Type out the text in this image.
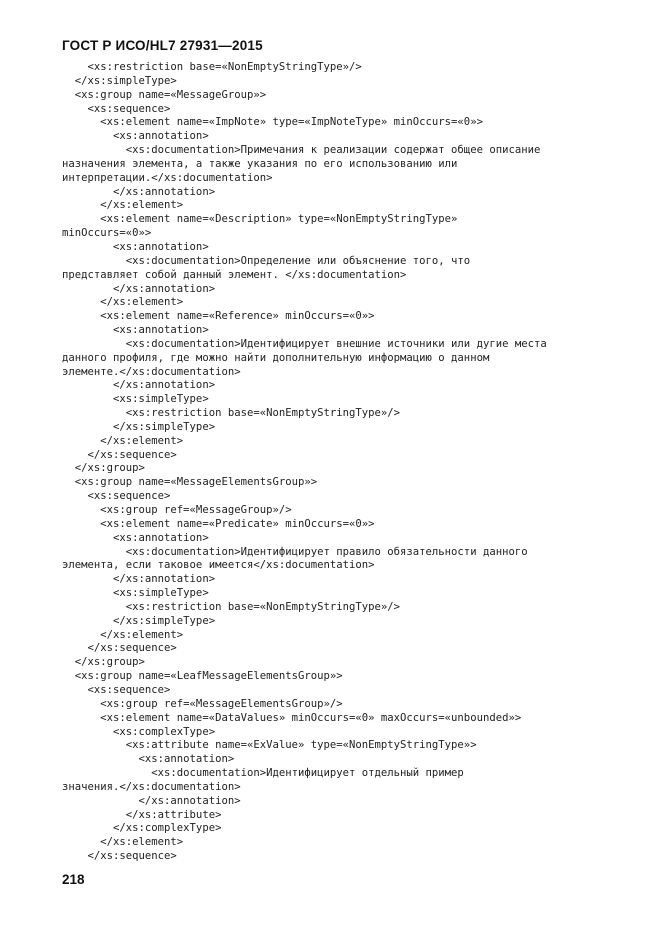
ГОСТ Р ИСО/HL7 27931—2015
<xs:restriction base=«NonEmptyStringType»/>
</xs:simpleType>
<xs:group name=«MessageGroup»>
<xs:sequence>
<xs:element name=«ImpNote» type=«ImpNoteType» minOccurs=«0»>
<xs:annotation>
<xs:documentation>Примечания к реализации содержат общее описание
назначения элемента, а также указания по его использованию или
интерпретации.</xs:documentation>
</xs:annotation>
</xs:element>
<xs:element name=«Description» type=«NonEmptyStringType»
minOccurs=«0»>
<xs:annotation>
<xs:documentation>Определение или объяснение того, что
представляет собой данный элемент. </xs:documentation>
</xs:annotation>
</xs:element>
<xs:element name=«Reference» minOccurs=«0»>
<xs:annotation>
<xs:documentation>Идентифицирует внешние источники или дугие места
данного профиля, где можно найти дополнительную информацию о данном
элементе.</xs:documentation>
</xs:annotation>
<xs:simpleType>
<xs:restriction base=«NonEmptyStringType»/>
</xs:simpleType>
</xs:element>
</xs:sequence>
</xs:group>
<xs:group name=«MessageElementsGroup»>
<xs:sequence>
<xs:group ref=«MessageGroup»/>
<xs:element name=«Predicate» minOccurs=«0»>
<xs:annotation>
<xs:documentation>Идентифицирует правило обязательности данного
элемента, если таковое имеется</xs:documentation>
</xs:annotation>
<xs:simpleType>
<xs:restriction base=«NonEmptyStringType»/>
</xs:simpleType>
</xs:element>
</xs:sequence>
</xs:group>
<xs:group name=«LeafMessageElementsGroup»>
<xs:sequence>
<xs:group ref=«MessageElementsGroup»/>
<xs:element name=«DataValues» minOccurs=«0» maxOccurs=«unbounded»>
<xs:complexType>
<xs:attribute name=«ExValue» type=«NonEmptyStringType»>
<xs:annotation>
<xs:documentation>Идентифицирует отдельный пример
значения.</xs:documentation>
</xs:annotation>
</xs:attribute>
</xs:complexType>
</xs:element>
</xs:sequence>
218
